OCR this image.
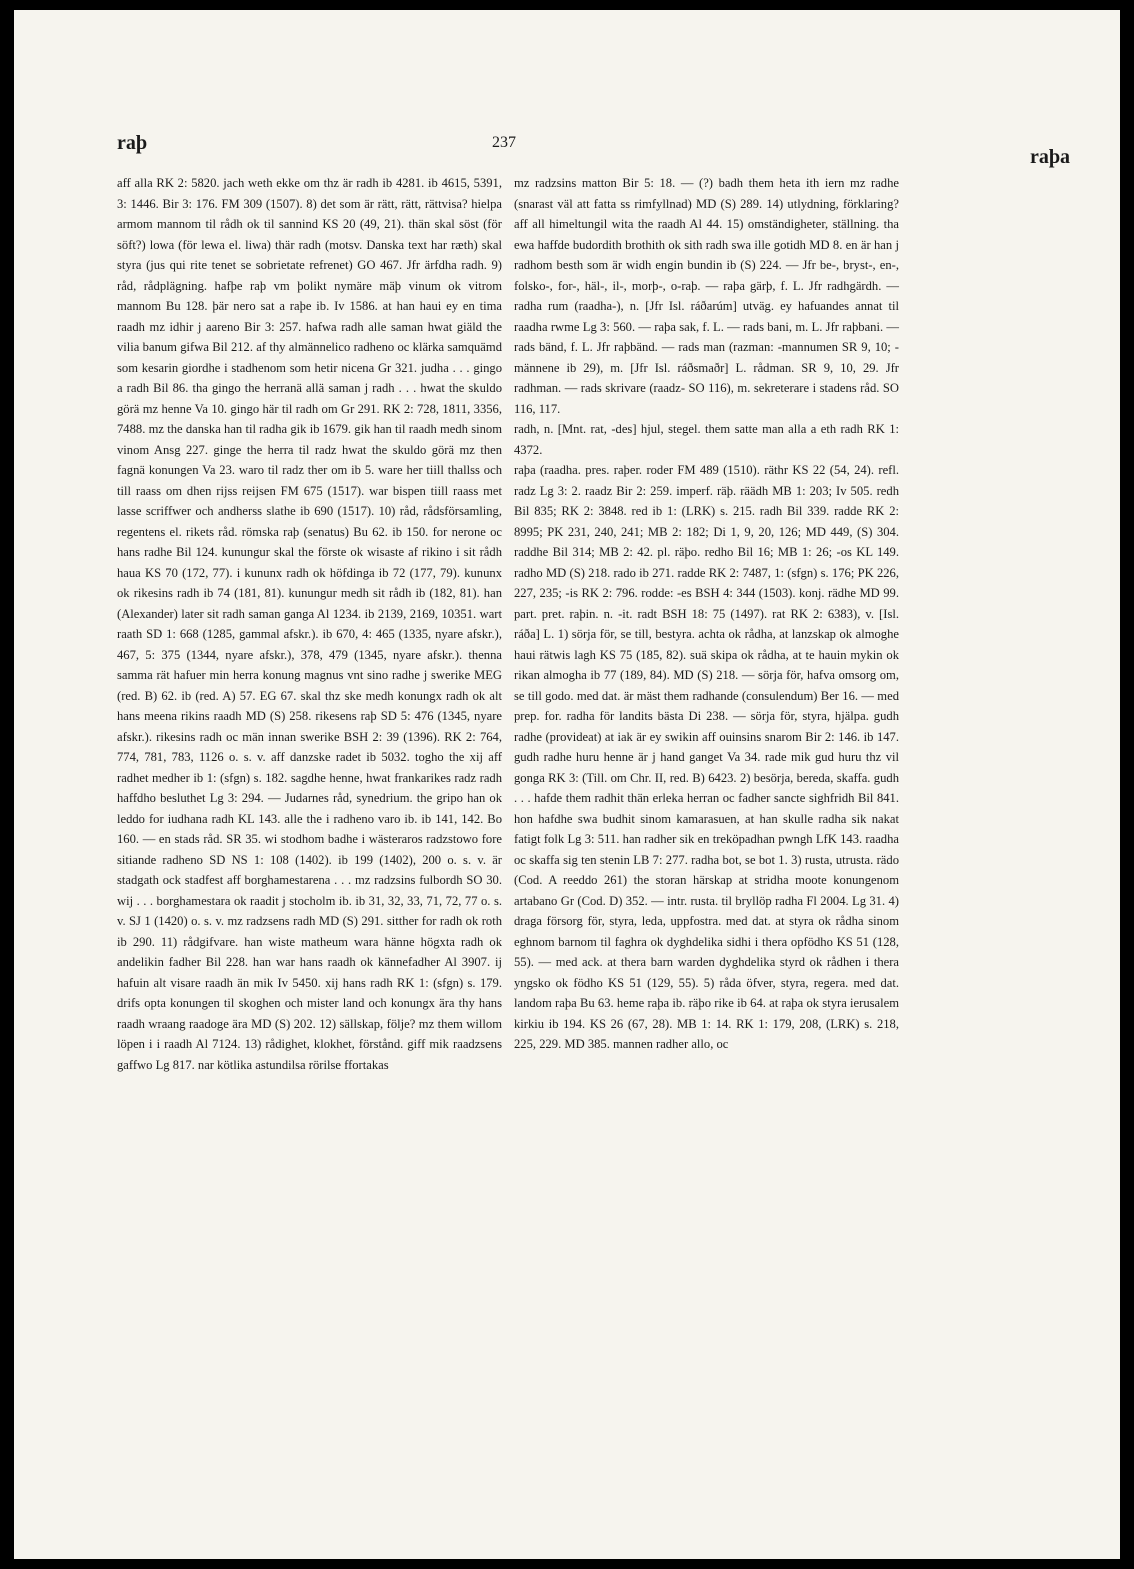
raþ	237
raþa

aff alla RK 2: 5820. jach weth ekke om thz är radh ib 4281. ib 4615, 5391, 3: 1446. Bir 3: 176. FM 309 (1507). 8) det som är rätt, rätt, rättvisa? hielpa armom mannom til rådh ok til sannind KS 20 (49, 21). thän skal söst (för söft?) lowa (för lewa el. liwa) thär radh (motsv. Danska text har ræth) skal styra (jus qui rite tenet se sobrietate refrenet) GO 467. Jfr ärfdha radh. 9) råd, rådplägning. hafþe raþ vm þolikt nymäre mäþ vinum ok vitrom mannom Bu 128. þär nero sat a raþe ib. Iv 1586. at han haui ey en tima raadh mz idhir j aareno Bir 3: 257. hafwa radh alle saman hwat giäld the vilia banum gifwa Bil 212. af thy almännelico radheno oc klärka samquämd som kesarin giordhe i stadhenom som hetir nicena Gr 321. judha . . . gingo a radh Bil 86. tha gingo the herranä allä saman j radh . . . hwat the skuldo görä mz henne Va 10. gingo här til radh om Gr 291. RK 2: 728, 1811, 3356, 7488. mz the danska han til radha gik ib 1679. gik han til raadh medh sinom vinom Ansg 227. ginge the herra til radz hwat the skuldo görä mz then fagnä konungen Va 23. waro til radz ther om ib 5. ware her tiill thallss och till raass om dhen rijss reijsen FM 675 (1517). war bispen tiill raass met lasse scriffwer och andherss slathe ib 690 (1517). 10) råd, rådsförsamling, regentens el. rikets råd. römska raþ (senatus) Bu 62. ib 150. for nerone oc hans radhe Bil 124. kunungur skal the förste ok wisaste af rikino i sit rådh haua KS 70 (172, 77). i kununx radh ok höfdinga ib 72 (177, 79). kununx ok rikesins radh ib 74 (181, 81). kunungur medh sit rådh ib (182, 81). han (Alexander) later sit radh saman ganga Al 1234. ib 2139, 2169, 10351. wart raath SD 1: 668 (1285, gammal afskr.). ib 670, 4: 465 (1335, nyare afskr.), 467, 5: 375 (1344, nyare afskr.), 378, 479 (1345, nyare afskr.). thenna samma rät hafuer min herra konung magnus vnt sino radhe j swerike MEG (red. B) 62. ib (red. A) 57. EG 67. skal thz ske medh konungx radh ok alt hans meena rikins raadh MD (S) 258. rikesens raþ SD 5: 476 (1345, nyare afskr.). rikesins radh oc män innan swerike BSH 2: 39 (1396). RK 2: 764, 774, 781, 783, 1126 o. s. v. aff danzske radet ib 5032. togho the xij aff radhet medher ib 1: (sfgn) s. 182. sagdhe henne, hwat frankarikes radz radh haffdho besluthet Lg 3: 294. — Judarnes råd, synedrium. the gripo han ok leddo for iudhana radh KL 143. alle the i radheno varo ib. ib 141, 142. Bo 160. — en stads råd. SR 35. wi stodhom badhe i wästeraros radzstowo fore sitiande radheno SD NS 1: 108 (1402). ib 199 (1402), 200 o. s. v. är stadgath ock stadfest aff borghamestarena . . . mz radzsins fulbordh SO 30. wij . . . borghamestara ok raadit j stocholm ib. ib 31, 32, 33, 71, 72, 77 o. s. v. SJ 1 (1420) o. s. v. mz radzsens radh MD (S) 291. sitther for radh ok roth ib 290. 11) rådgifvare. han wiste matheum wara hänne högxta radh ok andelikin fadher Bil 228. han war hans raadh ok kännefadher Al 3907. ij hafuin alt visare raadh än mik Iv 5450. xij hans radh RK 1: (sfgn) s. 179. drifs opta konungen til skoghen och mister land och konungx ära thy hans raadh wraang raadoge ära MD (S) 202. 12) sällskap, följe? mz them willom löpen i i raadh Al 7124. 13) rådighet, klokhet, förstånd. giff mik raadzsens gaffwo Lg 817. nar kötlika astundilsa rörilse ffortakas

mz radzsins matton Bir 5: 18. — (?) badh them heta ith iern mz radhe (snarast väl att fatta ss rimfyllnad) MD (S) 289. 14) utlydning, förklaring? aff all himeltungil wita the raadh Al 44. 15) omständigheter, ställning. tha ewa haffde budordith brothith ok sith radh swa ille gotidh MD 8. en är han j radhom besth som är widh engin bundin ib (S) 224. — Jfr be-, bryst-, en-, folsko-, for-, häl-, il-, morþ-, o-raþ. — raþa gärþ, f. L. Jfr radhgärdh. — radha rum (raadha-), n. [Jfr Isl. ráðarúm] utväg. ey hafuandes annat til raadha rwme Lg 3: 560. — raþa sak, f. L. — rads bani, m. L. Jfr raþbani. — rads bänd, f. L. Jfr raþbänd. — rads man (razman: -mannumen SR 9, 10; -männene ib 29), m. [Jfr Isl. ráðsmaðr] L. rådman. SR 9, 10, 29. Jfr radhman. — rads skrivare (raadz- SO 116), m. sekreterare i stadens råd. SO 116, 117.

radh, n. [Mnt. rat, -des] hjul, stegel. them satte man alla a eth radh RK 1: 4372.

raþa (raadha. pres. raþer. roder FM 489 (1510). räthr KS 22 (54, 24). refl. radz Lg 3: 2. raadz Bir 2: 259. imperf. räþ. räädh MB 1: 203; Iv 505. redh Bil 835; RK 2: 3848. red ib 1: (LRK) s. 215. radh Bil 339. radde RK 2: 8995; PK 231, 240, 241; MB 2: 182; Di 1, 9, 20, 126; MD 449, (S) 304. raddhe Bil 314; MB 2: 42. pl. räþo. redho Bil 16; MB 1: 26; -os KL 149. radho MD (S) 218. rado ib 271. radde RK 2: 7487, 1: (sfgn) s. 176; PK 226, 227, 235; -is RK 2: 796. rodde: -es BSH 4: 344 (1503). konj. rädhe MD 99. part. pret. raþin. n. -it. radt BSH 18: 75 (1497). rat RK 2: 6383), v. [Isl. ráða] L. 1) sörja för, se till, bestyra. achta ok rådha, at lanzskap ok almoghe haui rätwis lagh KS 75 (185, 82). suä skipa ok rådha, at te hauin mykin ok rikan almogha ib 77 (189, 84). MD (S) 218. — sörja för, hafva omsorg om, se till godo. med dat. är mäst them radhande (consulendum) Ber 16. — med prep. for. radha för landits bästa Di 238. — sörja för, styra, hjälpa. gudh radhe (provideat) at iak är ey swikin aff ouinsins snarom Bir 2: 146. ib 147. gudh radhe huru henne är j hand ganget Va 34. rade mik gud huru thz vil gonga RK 3: (Till. om Chr. II, red. B) 6423. 2) besörja, bereda, skaffa. gudh . . . hafde them radhit thän erleka herran oc fadher sancte sighfridh Bil 841. hon hafdhe swa budhit sinom kamarasuen, at han skulle radha sik nakat fatigt folk Lg 3: 511. han radher sik en treköpadhan pwngh LfK 143. raadha oc skaffa sig ten stenin LB 7: 277. radha bot, se bot 1. 3) rusta, utrusta. rädo (Cod. A reeddo 261) the storan härskap at stridha moote konungenom artabano Gr (Cod. D) 352. — intr. rusta. til bryllöp radha Fl 2004. Lg 31. 4) draga försorg för, styra, leda, uppfostra. med dat. at styra ok rådha sinom eghnom barnom til faghra ok dyghdelika sidhi i thera opfödho KS 51 (128, 55). — med ack. at thera barn warden dyghdelika styrd ok rådhen i thera yngsko ok födho KS 51 (129, 55). 5) råda öfver, styra, regera. med dat. landom raþa Bu 63. heme raþa ib. räþo rike ib 64. at raþa ok styra ierusalem kirkiu ib 194. KS 26 (67, 28). MB 1: 14. RK 1: 179, 208, (LRK) s. 218, 225, 229. MD 385. mannen radher allo, oc
